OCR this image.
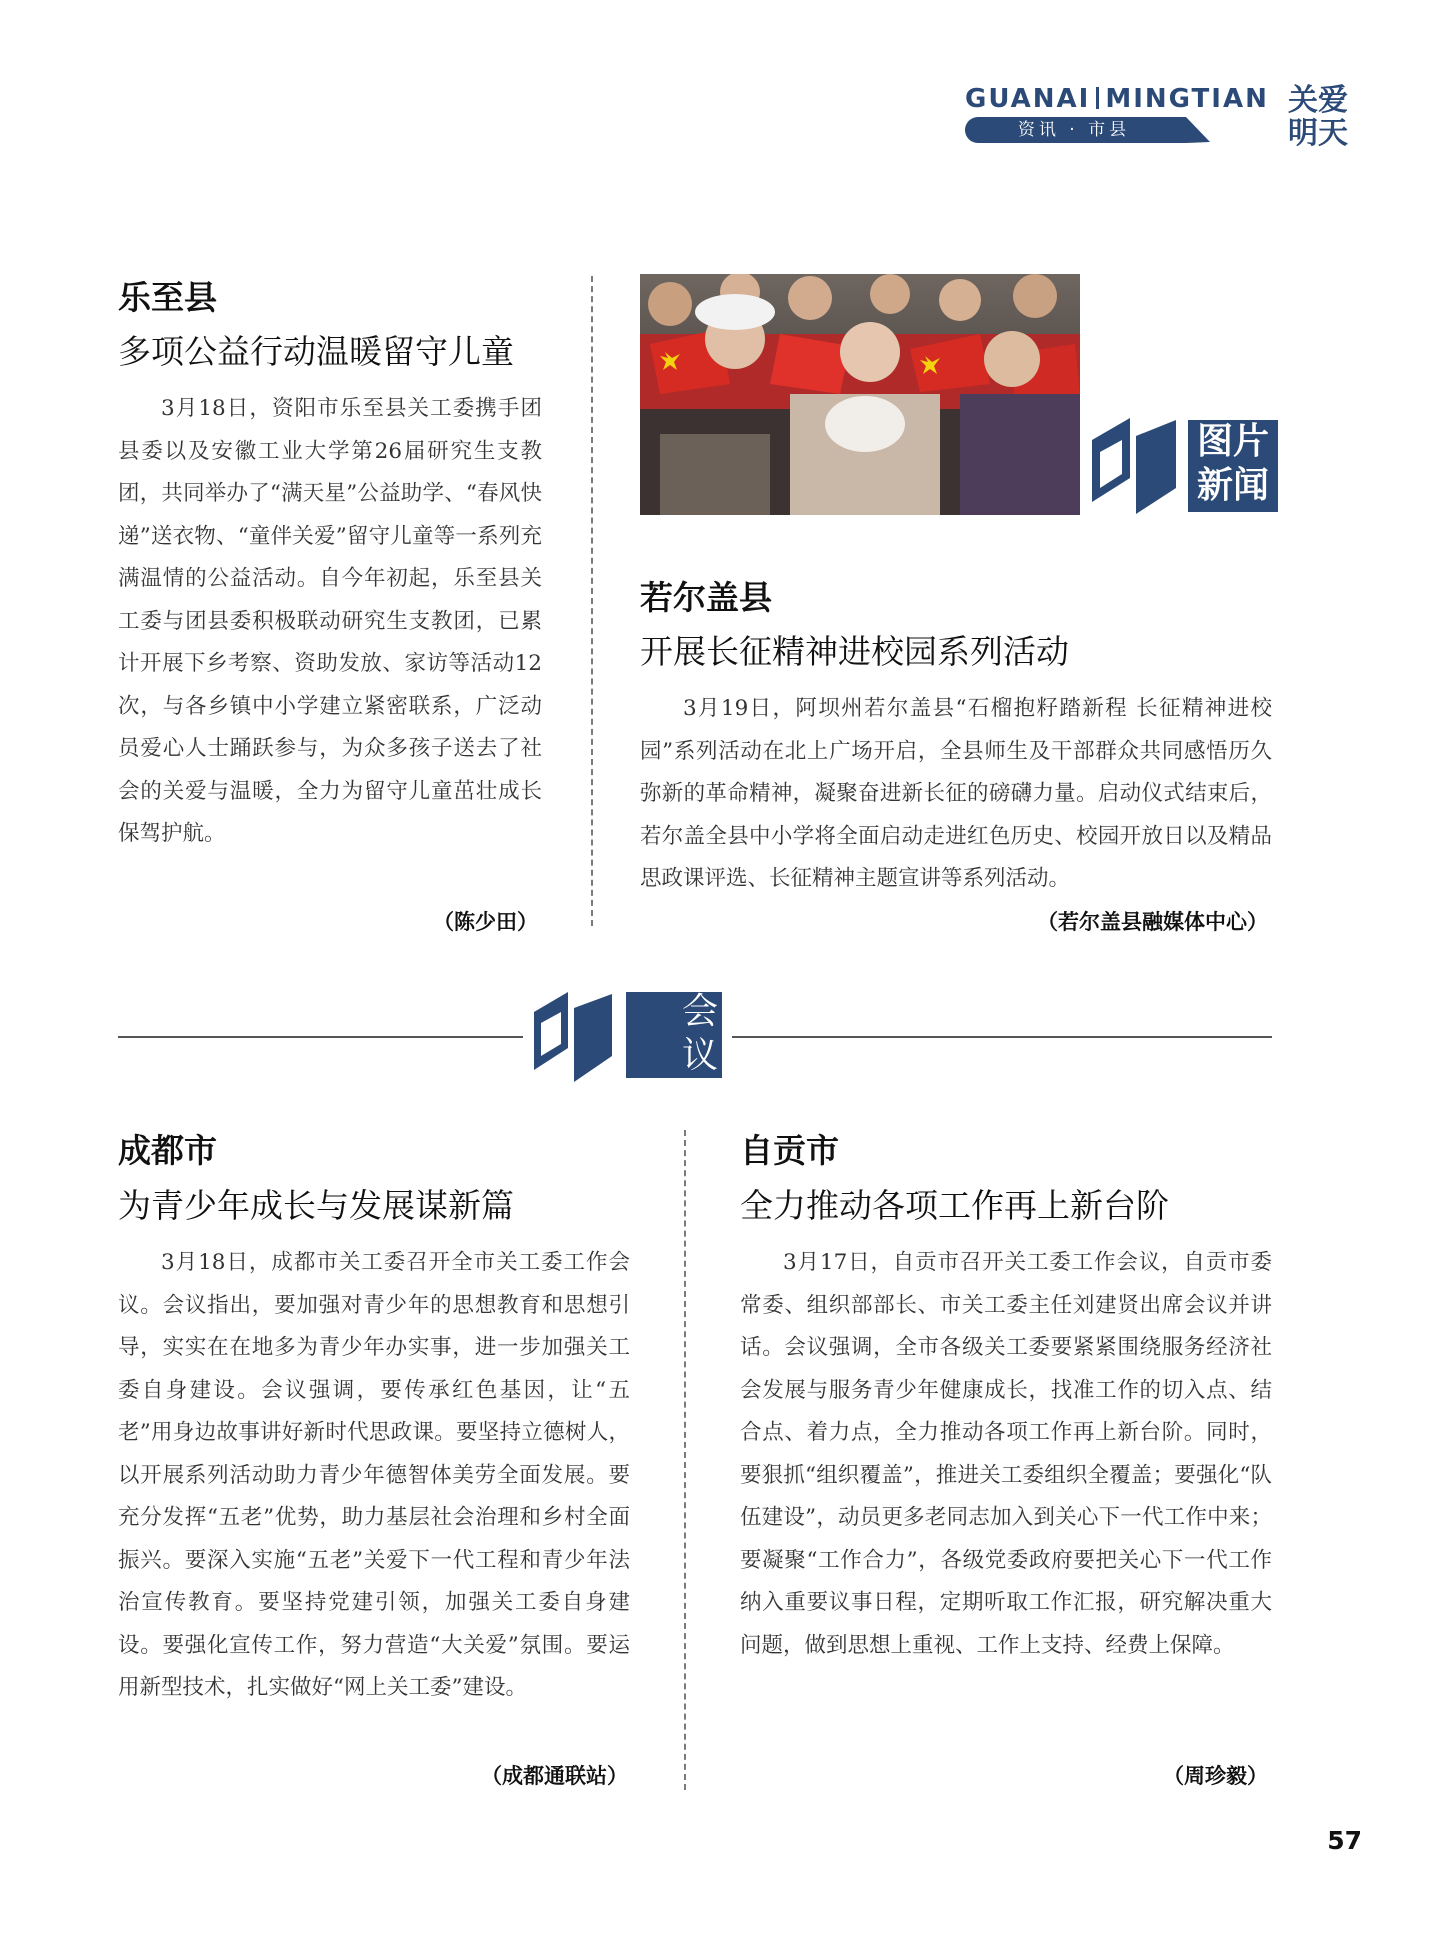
GUANAI MINGTIAN
资讯 · 市县
关爱
明天
乐至县
多项公益行动温暖留守儿童

3月18日，资阳市乐至县关工委携手团县委以及安徽工业大学第26届研究生支教团，共同举办了“满天星”公益助学、“春风快递”送衣物、“童伴关爱”留守儿童等一系列充满温情的公益活动。自今年初起，乐至县关工委与团县委积极联动研究生支教团，已累计开展下乡考察、资助发放、家访等活动12次，与各乡镇中小学建立紧密联系，广泛动员爱心人士踊跃参与，为众多孩子送去了社会的关爱与温暖，全力为留守儿童茁壮成长保驾护航。

（陈少田）
图片
新闻
若尔盖县
开展长征精神进校园系列活动

3月19日，阿坝州若尔盖县“石榴抱籽踏新程 长征精神进校园”系列活动在北上广场开启，全县师生及干部群众共同感悟历久弥新的革命精神，凝聚奋进新长征的磅礴力量。启动仪式结束后，若尔盖全县中小学将全面启动走进红色历史、校园开放日以及精品思政课评选、长征精神主题宣讲等系列活动。

（若尔盖县融媒体中心）
会
议
成都市
为青少年成长与发展谋新篇

3月18日，成都市关工委召开全市关工委工作会议。会议指出，要加强对青少年的思想教育和思想引导，实实在在地多为青少年办实事，进一步加强关工委自身建设。会议强调，要传承红色基因，让“五老”用身边故事讲好新时代思政课。要坚持立德树人，以开展系列活动助力青少年德智体美劳全面发展。要充分发挥“五老”优势，助力基层社会治理和乡村全面振兴。要深入实施“五老”关爱下一代工程和青少年法治宣传教育。要坚持党建引领，加强关工委自身建设。要强化宣传工作，努力营造“大关爱”氛围。要运用新型技术，扎实做好“网上关工委”建设。

（成都通联站）
自贡市
全力推动各项工作再上新台阶

3月17日，自贡市召开关工委工作会议，自贡市委常委、组织部部长、市关工委主任刘建贤出席会议并讲话。会议强调，全市各级关工委要紧紧围绕服务经济社会发展与服务青少年健康成长，找准工作的切入点、结合点、着力点，全力推动各项工作再上新台阶。同时，要狠抓“组织覆盖”，推进关工委组织全覆盖；要强化“队伍建设”，动员更多老同志加入到关心下一代工作中来；要凝聚“工作合力”，各级党委政府要把关心下一代工作纳入重要议事日程，定期听取工作汇报，研究解决重大问题，做到思想上重视、工作上支持、经费上保障。

（周珍毅）
57
